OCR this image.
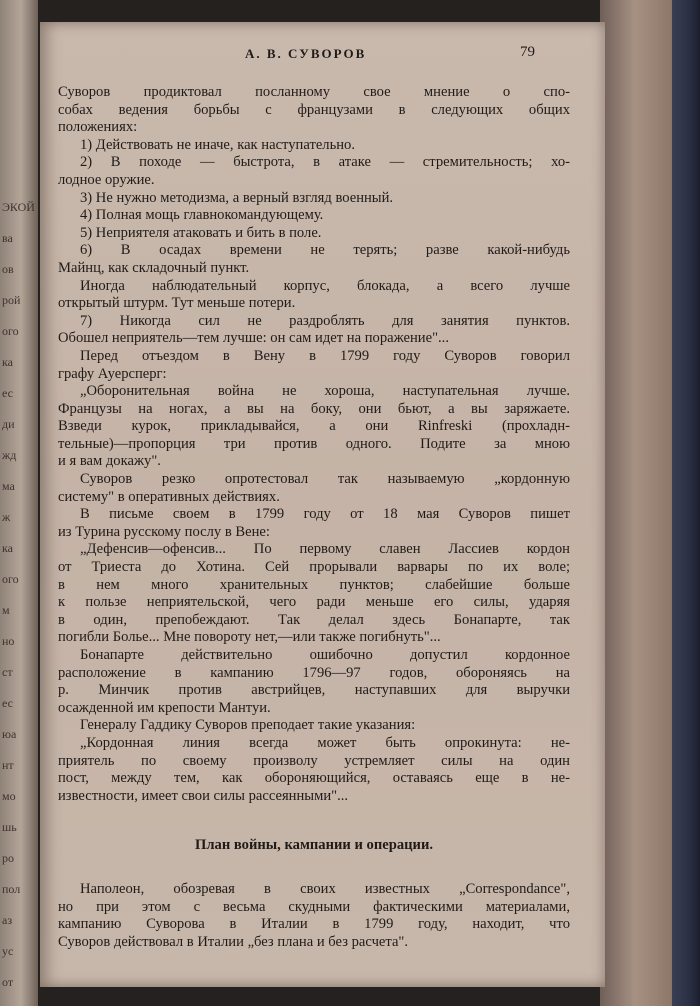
ЭКОЙ
ва
ов
рой
ого
ка
ес
ди
жд
ма
ж
ка
ого
м
но
ст
ес
юа
нт
мо
шь
ро
пол
аз
ус
от
А. В. СУВОРОВ	79

Суворов продиктовал посланному свое мнение о спо-

собах ведения борьбы с французами в следующих общих

положениях:

1) Действовать не иначе, как наступательно.

2) В походе — быстрота, в атаке — стремительность; хо-

лодное оружие.

3) Не нужно методизма, а верный взгляд военный.

4) Полная мощь главнокомандующему.

5) Неприятеля атаковать и бить в поле.

6) В осадах времени не терять; разве какой-нибудь

Майнц, как складочный пункт.

Иногда наблюдательный корпус, блокада, а всего лучше

открытый штурм. Тут меньше потери.

7) Никогда сил не раздроблять для занятия пунктов.

Обошел неприятель—тем лучше: он сам идет на поражение"...

Перед отъездом в Вену в 1799 году Суворов говорил

графу Ауерсперг:

„Оборонительная война не хороша, наступательная лучше.

Французы на ногах, а вы на боку, они бьют, а вы заряжаете.

Взведи курок, прикладывайся, а они Rinfreski (прохладн-

тельные)—пропорция три против одного. Подите за мною

и я вам докажу".

Суворов резко опротестовал так называемую „кордонную

систему" в оперативных действиях.

В письме своем в 1799 году от 18 мая Суворов пишет

из Турина русскому послу в Вене:

„Дефенсив—офенсив... По первому славен Лассиев кордон

от Триеста до Хотина. Сей прорывали варвары по их воле;

в нем много хранительных пунктов; слабейшие больше

к пользе неприятельской, чего ради меньше его силы, ударяя

в один, препобеждают. Так делал здесь Бонапарте, так

погибли Болье... Мне повороту нет,—или также погибнуть"...

Бонапарте действительно ошибочно допустил кордонное

расположение в кампанию 1796—97 годов, обороняясь на

р. Минчик против австрийцев, наступавших для выручки

осажденной им крепости Мантуи.

Генералу Гаддику Суворов преподает такие указания:

„Кордонная линия всегда может быть опрокинута: не-

приятель по своему произволу устремляет силы на один

пост, между тем, как обороняющийся, оставаясь еще в не-

известности, имеет свои силы рассеянными"...

План войны, кампании и операции.

Наполеон, обозревая в своих известных „Correspondance",

но при этом с весьма скудными фактическими материалами,

кампанию Суворова в Италии в 1799 году, находит, что

Суворов действовал в Италии „без плана и без расчета".
